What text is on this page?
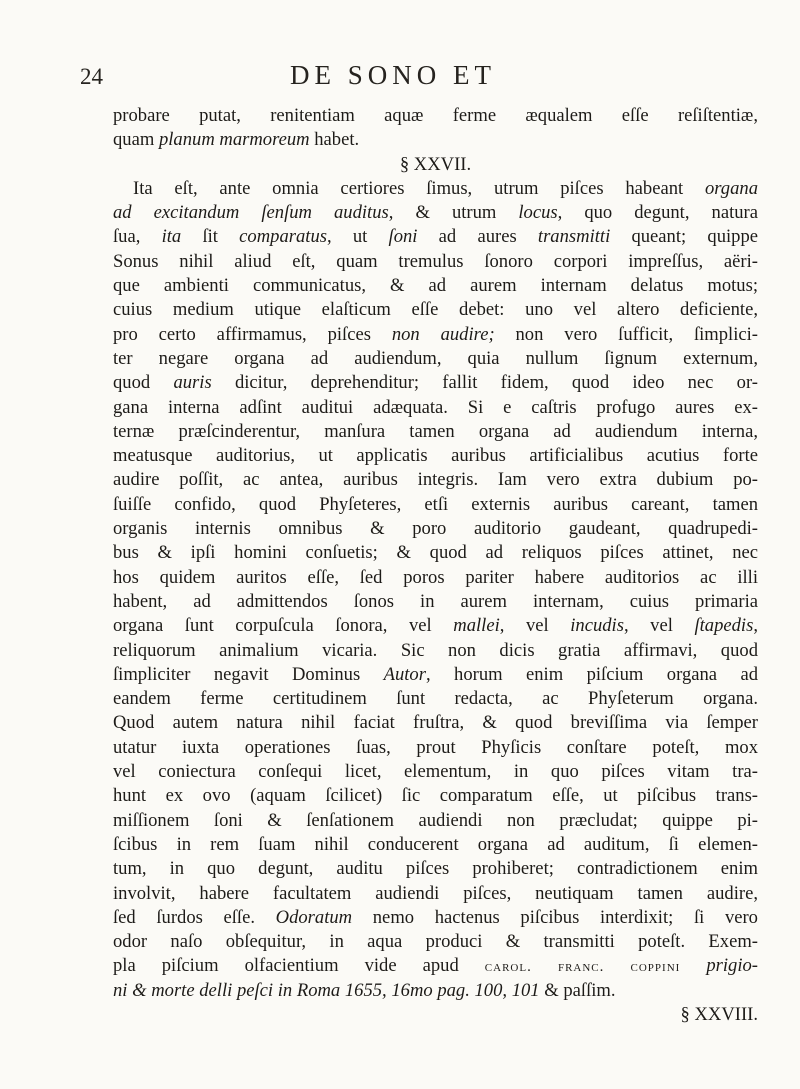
24	DE SONO ET
probare putat, renitentiam aquæ ferme æqualem eſſe reſiſtentiæ,
quam planum marmoreum habet.
§ XXVII.
Ita eſt, ante omnia certiores ſimus, utrum piſces habeant organa
ad excitandum ſenſum auditus, & utrum locus, quo degunt, natura
ſua, ita ſit comparatus, ut ſoni ad aures transmitti queant; quippe
Sonus nihil aliud eſt, quam tremulus ſonoro corpori impreſſus, aëri-
que ambienti communicatus, & ad aurem internam delatus motus;
cuius medium utique elaſticum eſſe debet: uno vel altero deficiente,
pro certo affirmamus, piſces non audire; non vero ſufficit, ſimplici-
ter negare organa ad audiendum, quia nullum ſignum externum,
quod auris dicitur, deprehenditur; fallit fidem, quod ideo nec or-
gana interna adſint auditui adæquata. Si e caſtris profugo aures ex-
ternæ præſcinderentur, manſura tamen organa ad audiendum interna,
meatusque auditorius, ut applicatis auribus artificialibus acutius forte
audire poſſit, ac antea, auribus integris. Iam vero extra dubium po-
ſuiſſe confido, quod Phyſeteres, etſi externis auribus careant, tamen
organis internis omnibus & poro auditorio gaudeant, quadrupedi-
bus & ipſi homini conſuetis; & quod ad reliquos piſces attinet, nec
hos quidem auritos eſſe, ſed poros pariter habere auditorios ac illi
habent, ad admittendos ſonos in aurem internam, cuius primaria
organa ſunt corpuſcula ſonora, vel mallei, vel incudis, vel ſtapedis,
reliquorum animalium vicaria. Sic non dicis gratia affirmavi, quod
ſimpliciter negavit Dominus Autor, horum enim piſcium organa ad
eandem ferme certitudinem ſunt redacta, ac Phyſeterum organa.
Quod autem natura nihil faciat fruſtra, & quod breviſſima via ſemper
utatur iuxta operationes ſuas, prout Phyſicis conſtare poteſt, mox
vel coniectura conſequi licet, elementum, in quo piſces vitam tra-
hunt ex ovo (aquam ſcilicet) ſic comparatum eſſe, ut piſcibus trans-
miſſionem ſoni & ſenſationem audiendi non præcludat; quippe pi-
ſcibus in rem ſuam nihil conducerent organa ad auditum, ſi elemen-
tum, in quo degunt, auditu piſces prohiberet; contradictionem enim
involvit, habere facultatem audiendi piſces, neutiquam tamen audire,
ſed ſurdos eſſe. Odoratum nemo hactenus piſcibus interdixit; ſi vero
odor naſo obſequitur, in aqua produci & transmitti poteſt. Exem-
pla piſcium olfacientium vide apud carol. franc. coppini prigio-
ni & morte delli peſci in Roma 1655, 16mo pag. 100, 101 & paſſim.
§ XXVIII.
